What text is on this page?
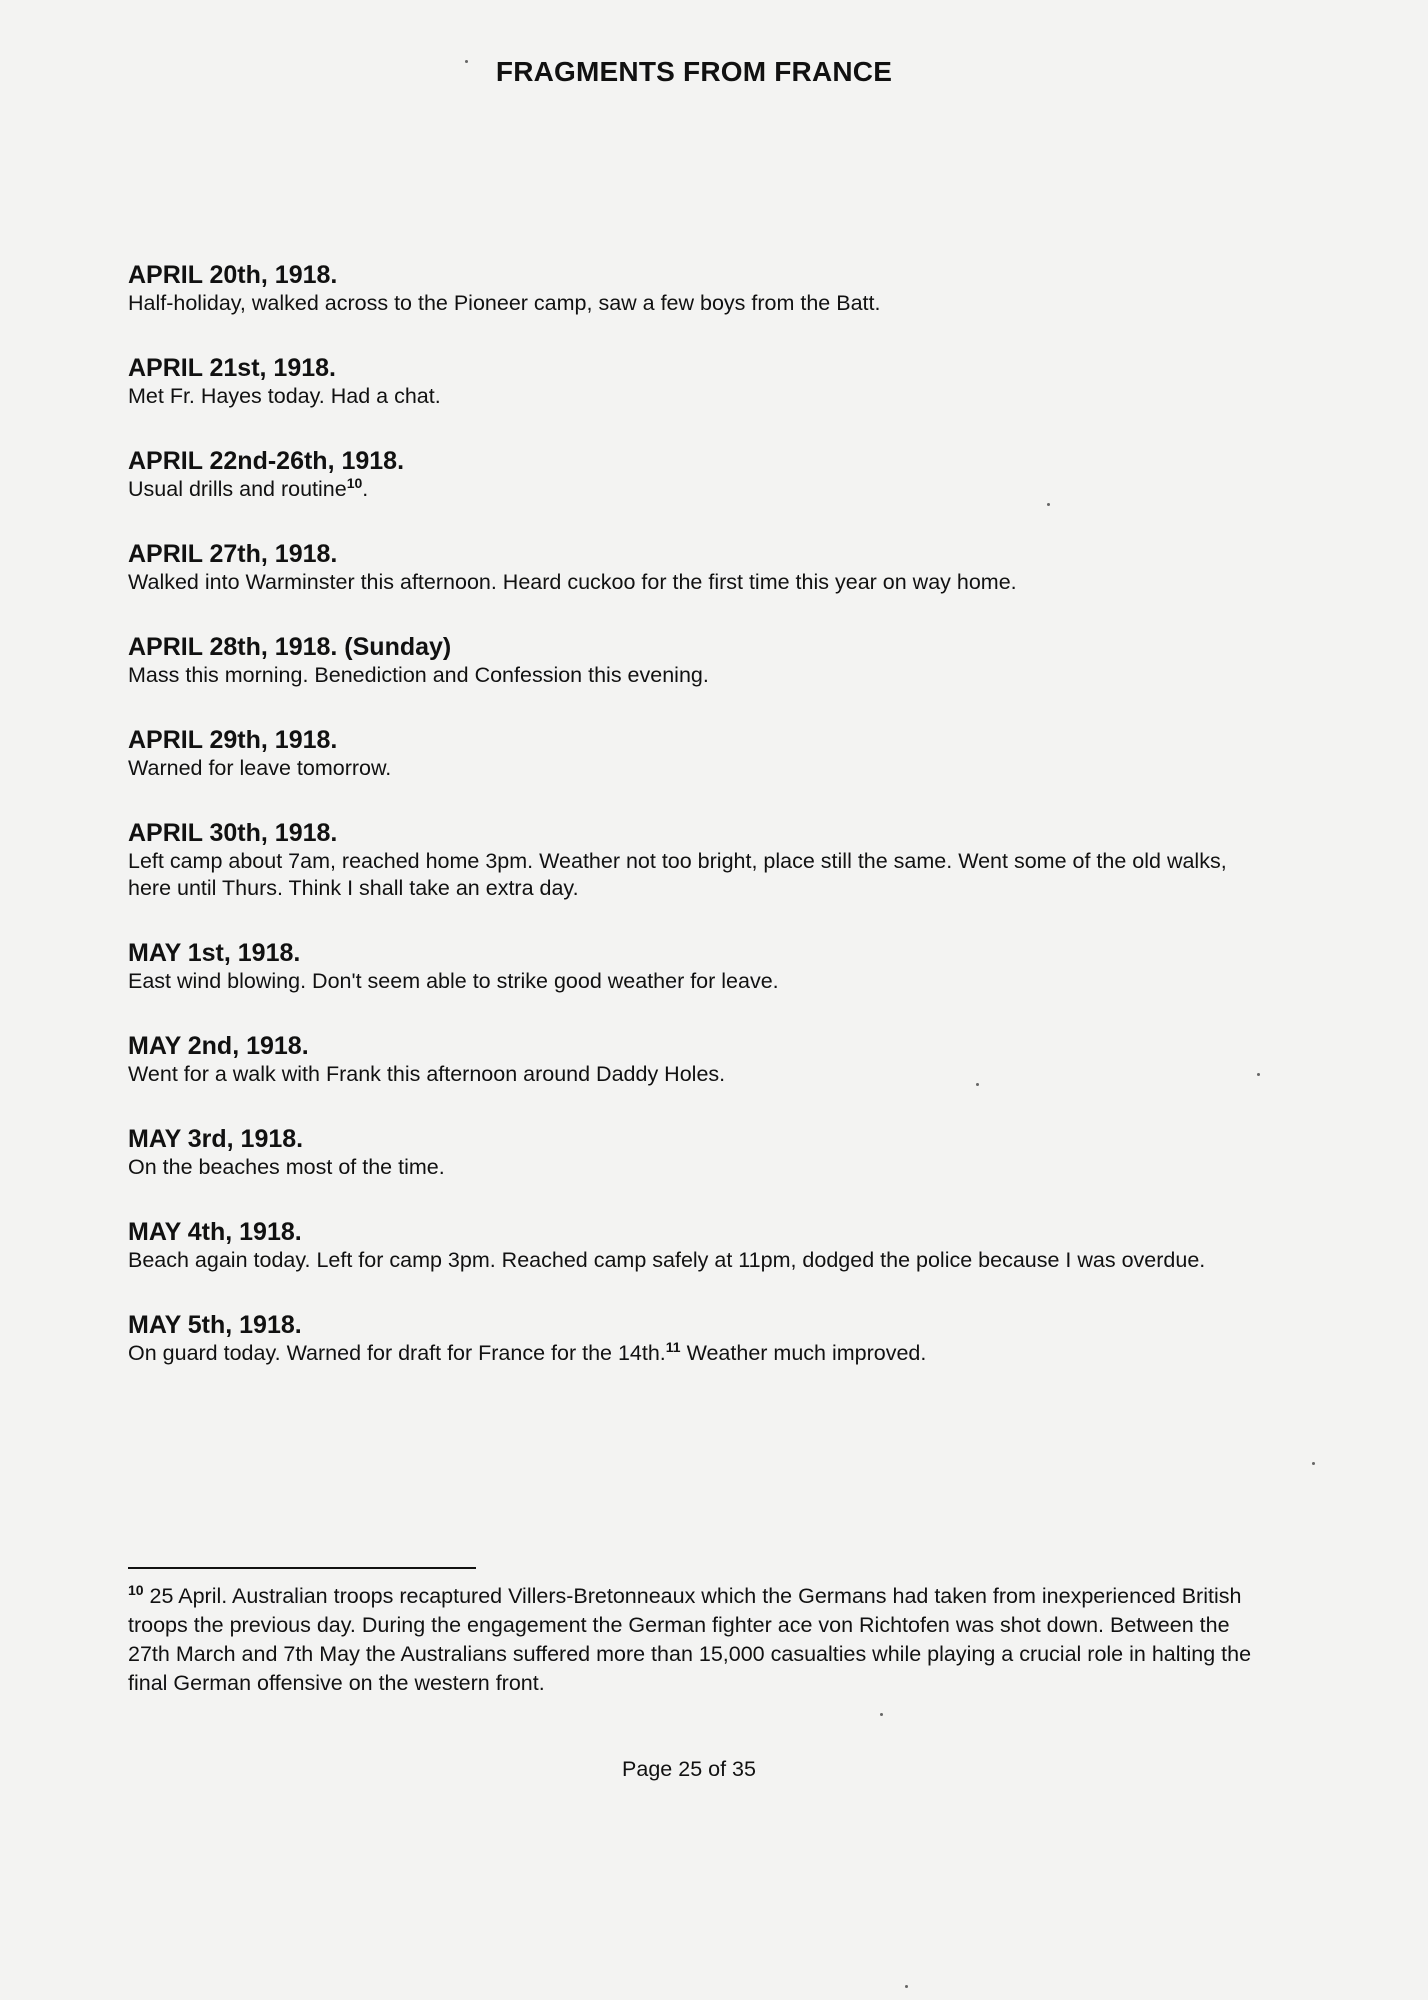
FRAGMENTS FROM FRANCE
APRIL 20th, 1918.
Half-holiday, walked across to the Pioneer camp, saw a few boys from the Batt.
APRIL 21st, 1918.
Met Fr. Hayes today. Had a chat.
APRIL 22nd-26th, 1918.
Usual drills and routine$^{10}$.
APRIL 27th, 1918.
Walked into Warminster this afternoon. Heard cuckoo for the first time this year on way home.
APRIL 28th, 1918. (Sunday)
Mass this morning. Benediction and Confession this evening.
APRIL 29th, 1918.
Warned for leave tomorrow.
APRIL 30th, 1918.
Left camp about 7am, reached home 3pm. Weather not too bright, place still the same. Went some of the old walks, here until Thurs. Think I shall take an extra day.
MAY 1st, 1918.
East wind blowing. Don't seem able to strike good weather for leave.
MAY 2nd, 1918.
Went for a walk with Frank this afternoon around Daddy Holes.
MAY 3rd, 1918.
On the beaches most of the time.
MAY 4th, 1918.
Beach again today. Left for camp 3pm. Reached camp safely at 11pm, dodged the police because I was overdue.
MAY 5th, 1918.
On guard today. Warned for draft for France for the 14th.$^{11}$ Weather much improved.
$^{10}$ 25 April. Australian troops recaptured Villers-Bretonneaux which the Germans had taken from inexperienced British troops the previous day. During the engagement the German fighter ace von Richtofen was shot down. Between the 27th March and 7th May the Australians suffered more than 15,000 casualties while playing a crucial role in halting the final German offensive on the western front.
Page 25 of 35
